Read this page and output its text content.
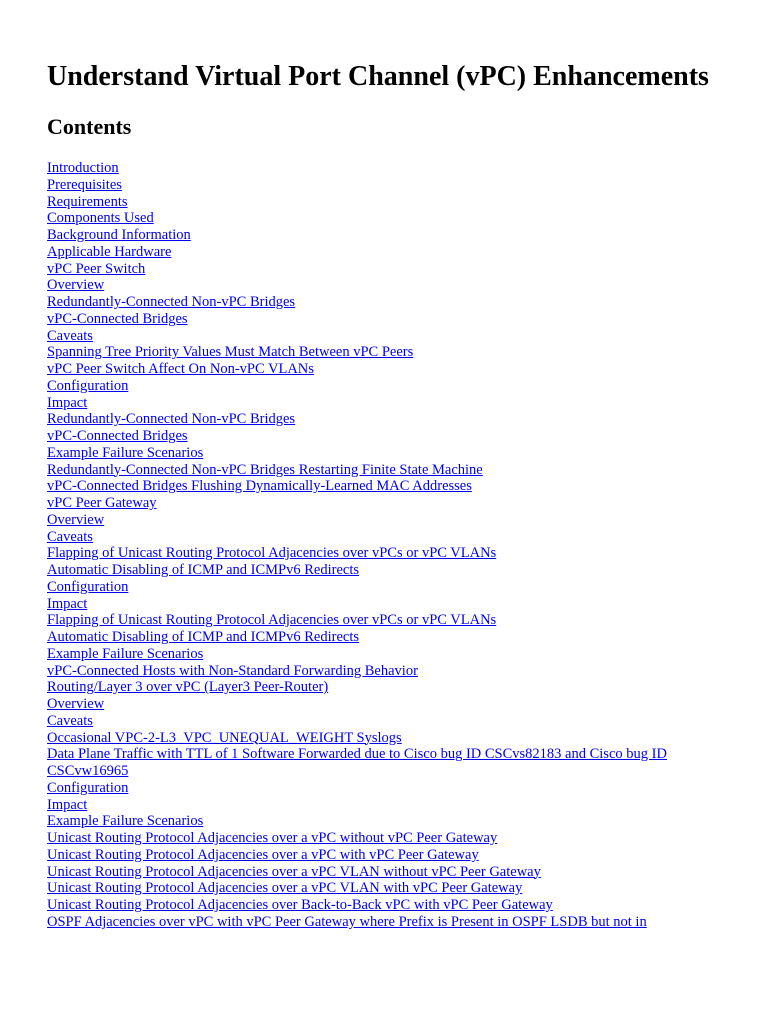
Understand Virtual Port Channel (vPC) Enhancements
Contents
Introduction
Prerequisites
Requirements
Components Used
Background Information
Applicable Hardware
vPC Peer Switch
Overview
Redundantly-Connected Non-vPC Bridges
vPC-Connected Bridges
Caveats
Spanning Tree Priority Values Must Match Between vPC Peers
vPC Peer Switch Affect On Non-vPC VLANs
Configuration
Impact
Redundantly-Connected Non-vPC Bridges
vPC-Connected Bridges
Example Failure Scenarios
Redundantly-Connected Non-vPC Bridges Restarting Finite State Machine
vPC-Connected Bridges Flushing Dynamically-Learned MAC Addresses
vPC Peer Gateway
Overview
Caveats
Flapping of Unicast Routing Protocol Adjacencies over vPCs or vPC VLANs
Automatic Disabling of ICMP and ICMPv6 Redirects
Configuration
Impact
Flapping of Unicast Routing Protocol Adjacencies over vPCs or vPC VLANs
Automatic Disabling of ICMP and ICMPv6 Redirects
Example Failure Scenarios
vPC-Connected Hosts with Non-Standard Forwarding Behavior
Routing/Layer 3 over vPC (Layer3 Peer-Router)
Overview
Caveats
Occasional VPC-2-L3_VPC_UNEQUAL_WEIGHT Syslogs
Data Plane Traffic with TTL of 1 Software Forwarded due to Cisco bug ID CSCvs82183 and Cisco bug ID CSCvw16965
Configuration
Impact
Example Failure Scenarios
Unicast Routing Protocol Adjacencies over a vPC without vPC Peer Gateway
Unicast Routing Protocol Adjacencies over a vPC with vPC Peer Gateway
Unicast Routing Protocol Adjacencies over a vPC VLAN without vPC Peer Gateway
Unicast Routing Protocol Adjacencies over a vPC VLAN with vPC Peer Gateway
Unicast Routing Protocol Adjacencies over Back-to-Back vPC with vPC Peer Gateway
OSPF Adjacencies over vPC with vPC Peer Gateway where Prefix is Present in OSPF LSDB but not in
